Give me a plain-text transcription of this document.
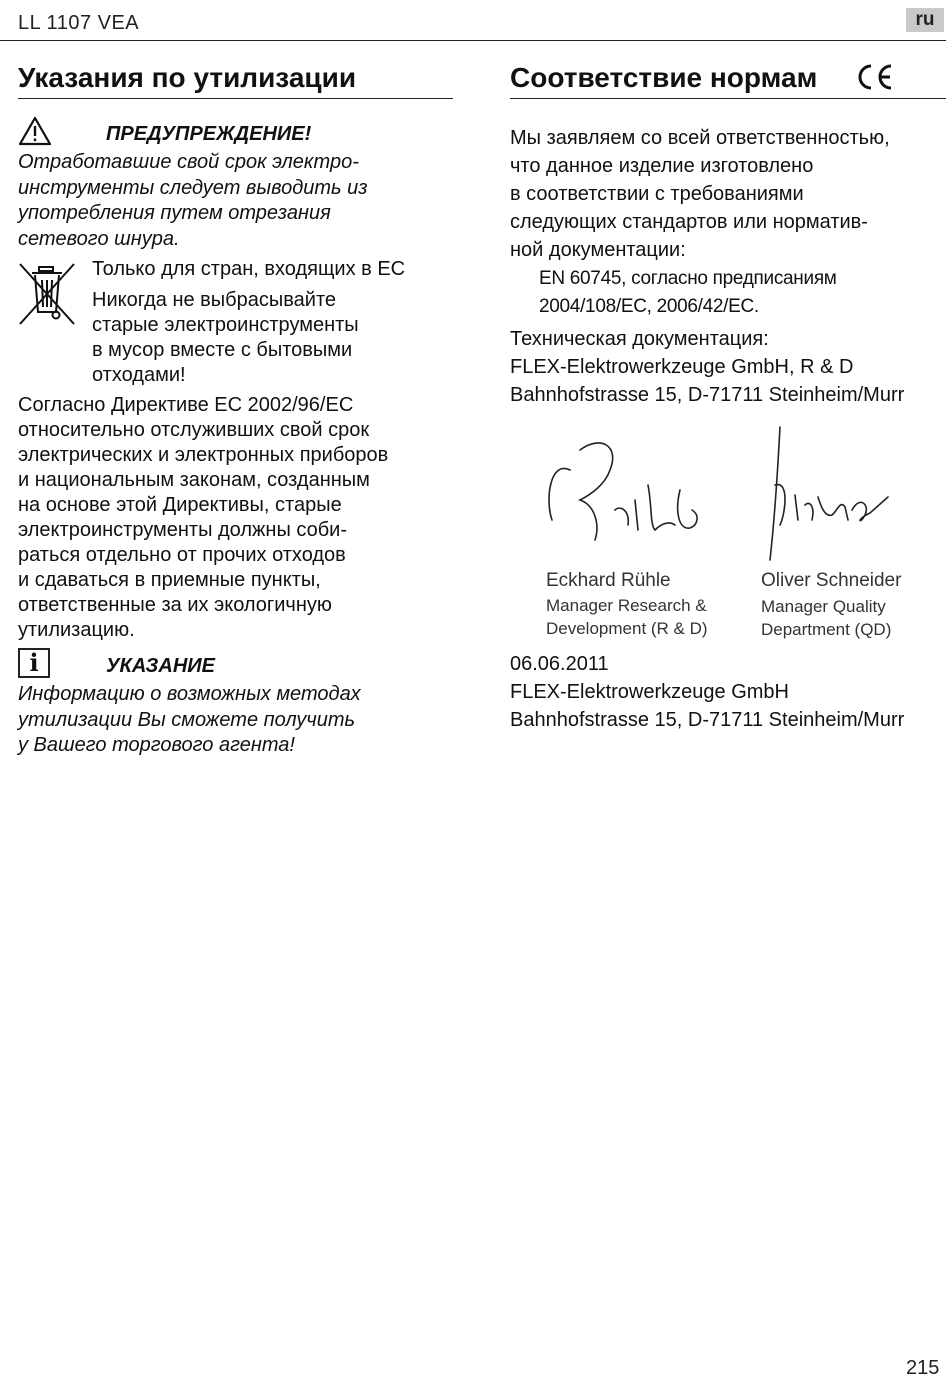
LL 1107 VEA	ru
Указания по утилизации
ПРЕДУПРЕЖДЕНИЕ!
Отработавшие свой срок электро-
инструменты следует выводить из
употребления путем отрезания
сетевого шнура.
Только для стран, входящих в ЕС
Никогда не выбрасывайте
старые электроинструменты
в мусор вместе с бытовыми
отходами!
Согласно Директиве ЕС 2002/96/ЕС
относительно отслуживших свой срок
электрических и электронных приборов
и национальным законам, созданным
на основе этой Директивы, старые
электроинструменты должны соби-
раться отдельно от прочих отходов
и сдаваться в приемные пункты,
ответственные за их экологичную
утилизацию.
i	УКАЗАНИЕ
Информацию о возможных методах
утилизации Вы сможете получить
у Вашего торгового агента!
Соответствие нормам
Мы заявляем со всей ответственностью,
что данное изделие изготовлено
в соответствии с требованиями
следующих стандартов или норматив-
ной документации:
EN 60745, согласно предписаниям
2004/108/EC, 2006/42/EC.
Техническая документация:
FLEX-Elektrowerkzeuge GmbH, R & D
Bahnhofstrasse 15, D-71711 Steinheim/Murr
Eckhard Rühle
Manager Research &
Development (R & D)
Oliver Schneider
Manager Quality
Department (QD)
06.06.2011
FLEX-Elektrowerkzeuge GmbH
Bahnhofstrasse 15, D-71711 Steinheim/Murr
215
